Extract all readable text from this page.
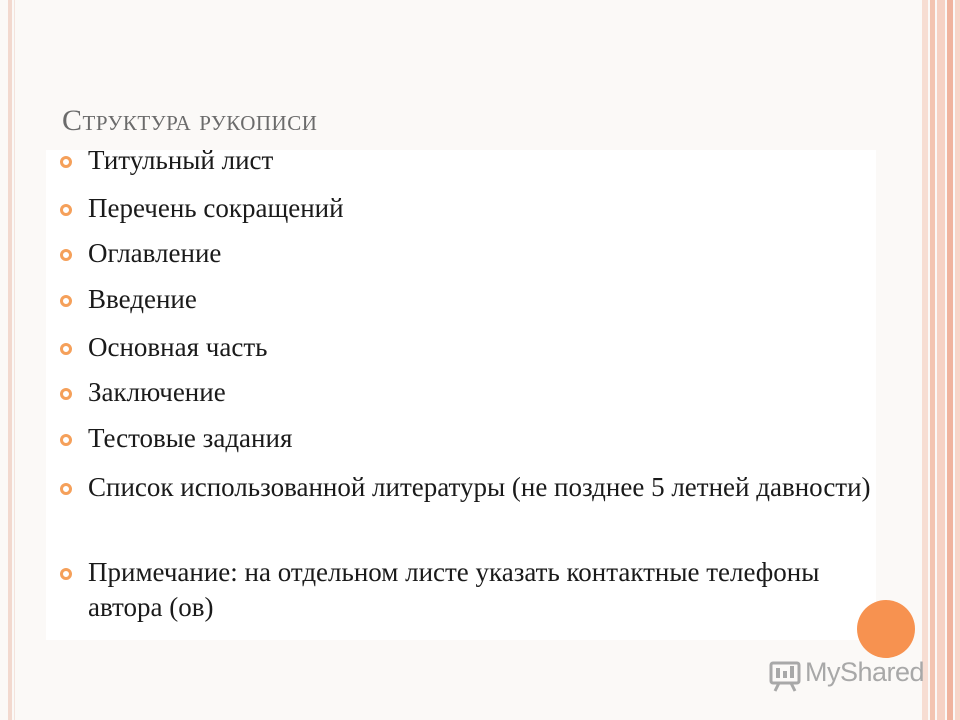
Структура рукописи
Титульный лист
Перечень сокращений
Оглавление
Введение
Основная часть
Заключение
Тестовые задания
Список использованной литературы (не позднее 5 летней давности)
Примечание: на отдельном листе указать контактные телефоны автора (ов)
MyShared
